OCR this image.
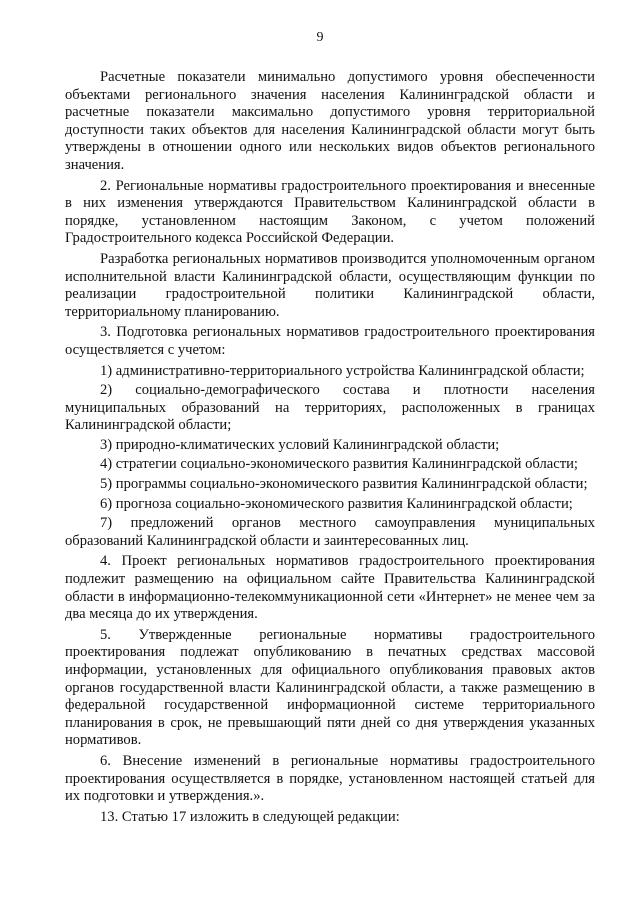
9

Расчетные показатели минимально допустимого уровня обеспеченности объектами регионального значения населения Калининградской области и расчетные показатели максимально допустимого уровня территориальной доступности таких объектов для населения Калининградской области могут быть утверждены в отношении одного или нескольких видов объектов регионального значения.

2. Региональные нормативы градостроительного проектирования и внесенные в них изменения утверждаются Правительством Калининградской области в порядке, установленном настоящим Законом, с учетом положений Градостроительного кодекса Российской Федерации.

Разработка региональных нормативов производится уполномоченным органом исполнительной власти Калининградской области, осуществляющим функции по реализации градостроительной политики Калининградской области, территориальному планированию.

3. Подготовка региональных нормативов градостроительного проектирования осуществляется с учетом:

1) административно-территориального устройства Калининградской области;

2) социально-демографического состава и плотности населения муниципальных образований на территориях, расположенных в границах Калининградской области;

3) природно-климатических условий Калининградской области;

4) стратегии социально-экономического развития Калининградской области;

5) программы социально-экономического развития Калининградской области;

6) прогноза социально-экономического развития Калининградской области;

7) предложений органов местного самоуправления муниципальных образований Калининградской области и заинтересованных лиц.

4. Проект региональных нормативов градостроительного проектирования подлежит размещению на официальном сайте Правительства Калининградской области в информационно-телекоммуникационной сети «Интернет» не менее чем за два месяца до их утверждения.

5. Утвержденные региональные нормативы градостроительного проектирования подлежат опубликованию в печатных средствах массовой информации, установленных для официального опубликования правовых актов органов государственной власти Калининградской области, а также размещению в федеральной государственной информационной системе территориального планирования в срок, не превышающий пяти дней со дня утверждения указанных нормативов.

6. Внесение изменений в региональные нормативы градостроительного проектирования осуществляется в порядке, установленном настоящей статьей для их подготовки и утверждения.».

13. Статью 17 изложить в следующей редакции:
